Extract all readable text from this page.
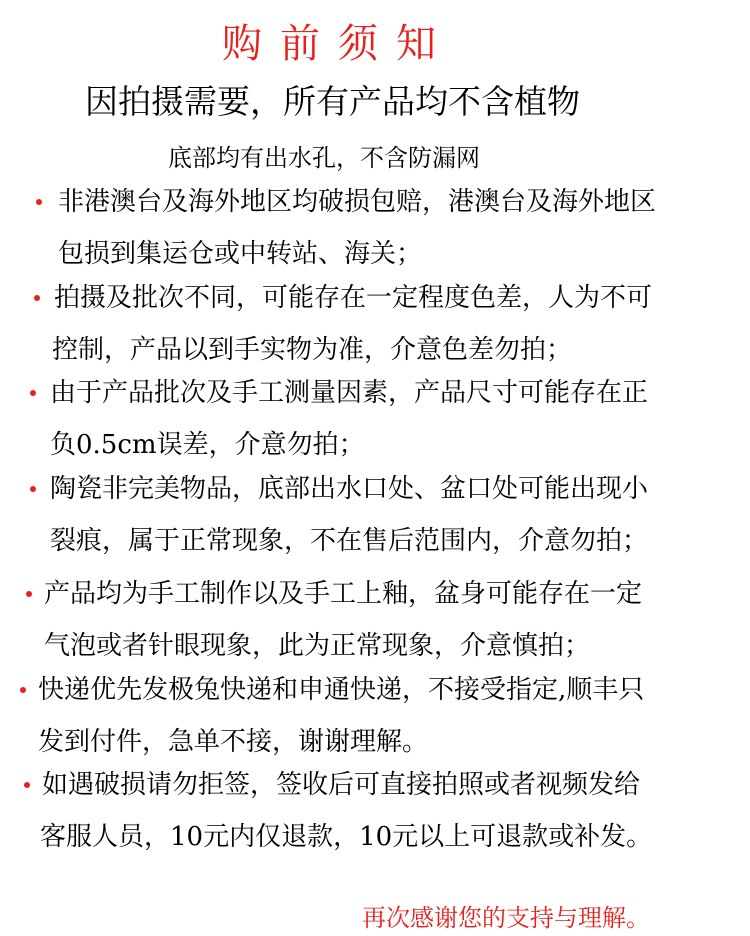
购前须知
因拍摄需要，所有产品均不含植物
底部均有出水孔，不含防漏网
非港澳台及海外地区均破损包赔，港澳台及海外地区
包损到集运仓或中转站、海关；
拍摄及批次不同，可能存在一定程度色差，人为不可
控制，产品以到手实物为准，介意色差勿拍；
由于产品批次及手工测量因素，产品尺寸可能存在正
负0.5cm误差，介意勿拍；
陶瓷非完美物品，底部出水口处、盆口处可能出现小
裂痕，属于正常现象，不在售后范围内，介意勿拍；
产品均为手工制作以及手工上釉，盆身可能存在一定
气泡或者针眼现象，此为正常现象，介意慎拍；
快递优先发极兔快递和申通快递，不接受指定,顺丰只
发到付件，急单不接，谢谢理解。
如遇破损请勿拒签，签收后可直接拍照或者视频发给
客服人员，10元内仅退款，10元以上可退款或补发。
再次感谢您的支持与理解。
